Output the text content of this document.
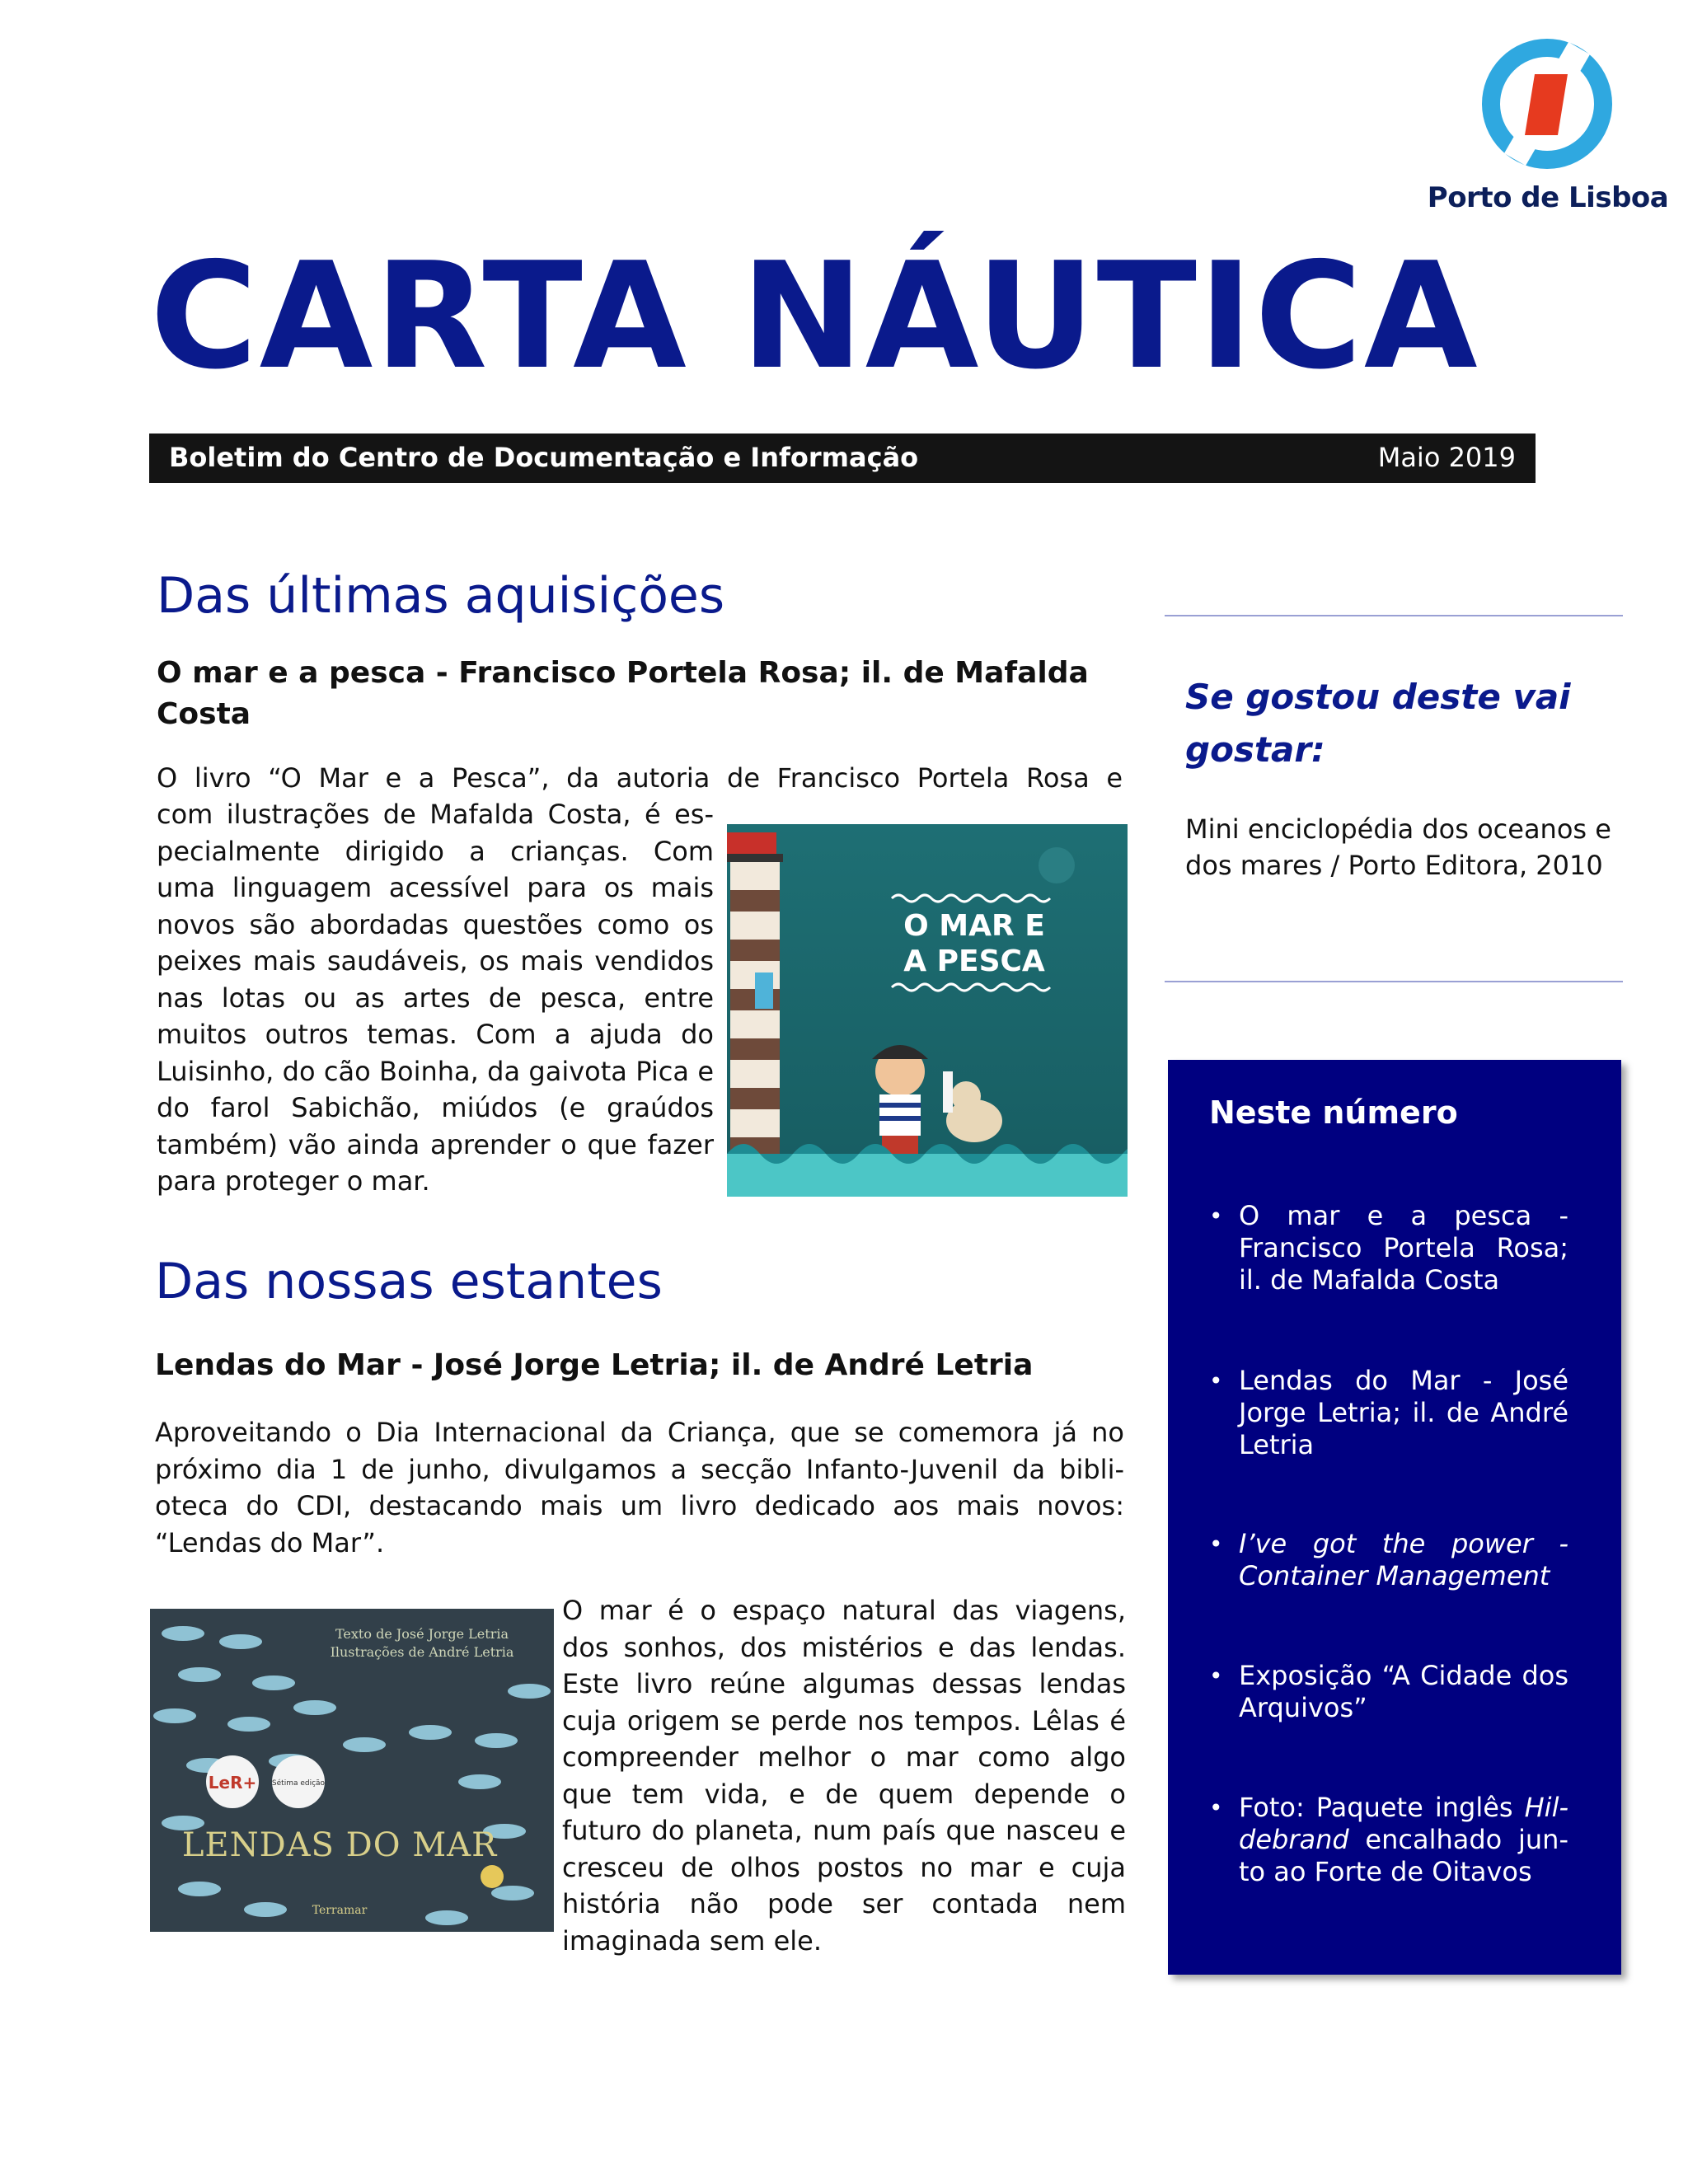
Porto de Lisboa
CARTA NÁUTICA
Boletim do Centro de Documentação e Informação	Maio 2019
Das últimas aquisições
O mar e a pesca - Francisco Portela Rosa; il. de Mafalda Costa
O livro “O Mar e a Pesca”, da autoria de Francisco Portela Rosa e
com ilustrações de Mafalda Costa, é especialmente dirigido a crianças. Com uma linguagem acessível para os mais novos são abordadas questões como os peixes mais saudáveis, os mais vendidos nas lotas ou as artes de pesca, entre muitos outros temas. Com a ajuda do Luisinho, do cão Boinha, da gaivota Pica e do farol Sabichão, miúdos (e graúdos também) vão ainda aprender o que fazer para proteger o mar.
O MAR E
A PESCA
Das nossas estantes
Lendas do Mar - José Jorge Letria; il. de André Letria
Aproveitando o Dia Internacional da Criança, que se comemora já no próximo dia 1 de junho, divulgamos a secção Infanto-Juvenil da biblioteca do CDI, destacando mais um livro dedicado aos mais novos: “Lendas do Mar”.
Texto de José Jorge Letria
Ilustrações de André Letria
LeR+ Sétima edição
LENDAS DO MAR
Terramar
O mar é o espaço natural das viagens, dos sonhos, dos mistérios e das lendas. Este livro reúne algumas dessas lendas cuja origem se perde nos tempos. Lêlas é compreender melhor o mar como algo que tem vida, e de quem depende o futuro do planeta, num país que nasceu e cresceu de olhos postos no mar e cuja história não pode ser contada nem imaginada sem ele.
Se gostou deste vai gostar:
Mini enciclopédia dos oceanos e dos mares / Porto Editora, 2010
Neste número
• O mar e a pesca - Francisco Portela Rosa; il. de Mafalda Costa
• Lendas do Mar - José Jorge Letria; il. de André Letria
• I’ve got the power - Container Management
• Exposição “A Cidade dos Arquivos”
• Foto: Paquete inglês Hildebrand encalhado junto ao Forte de Oitavos
